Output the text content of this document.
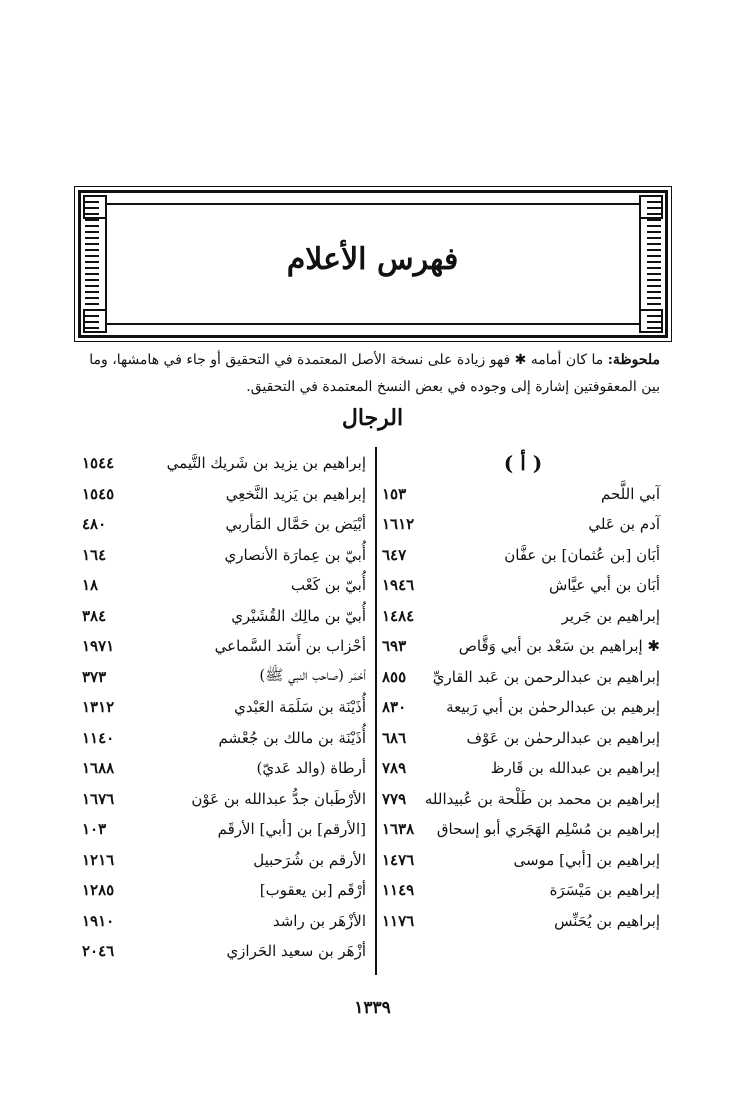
فهرس الأعلام
ملحوظة: ما كان أمامه ✱ فهو زيادة على نسخة الأصل المعتمدة في التحقيق أو جاء في هامشها، وما بين المعقوفتين إشارة إلى وجوده في بعض النسخ المعتمدة في التحقيق.
الرجال
( أ )
آبي اللَّحم
١٥٣
آدم بن عَلي
١٦١٢
أبَان [بن عُثمان] بن عفَّان
٦٤٧
أبَان بن أبي عيَّاش
١٩٤٦
إبراهيم بن جَرير
١٤٨٤
✱ إبراهيم بن سَعْد بن أبي وَقَّاص
٦٩٣
إبراهيم بن عبدالرحمن بن عَبد القاريِّ
٨٥٥
إبرهيم بن عبدالرحمٰن بن أبي رَبيعة
٨٣٠
إبراهيم بن عبدالرحمٰن بن عَوْف
٦٨٦
إبراهيم بن عبدالله بن قَارظ
٧٨٩
إبراهيم بن محمد بن طَلْحة بن عُبيدالله
٧٧٩
إبراهيم بن مُسْلِم الهَجَري أبو إسحاق
١٦٣٨
إبراهيم بن [أبي] موسى
١٤٧٦
إبراهيم بن مَيْسَرَة
١١٤٩
إبراهيم بن يُحَنِّس
١١٧٦
إبراهيم بن يزيد بن شَريك التَّيمي
١٥٤٤
إبراهيم بن يَزيد النَّخعِي
١٥٤٥
أبْيَض بن حَمَّال المَأربي
٤٨٠
أُبيّ بن عِمارَة الأنصاري
١٦٤
أُبيّ بن كَعْب
١٨
أُبيّ بن مالِك القُشَيْري
٣٨٤
أحْزاب بن أَسَد السَّماعي
١٩٧١
أحْمَر (صاحب النبي ﷺ)
٣٧٣
أُذَيْنَة بن سَلَمَة العَبْدي
١٣١٢
أُذَيْنَة بن مالك بن جُعْشم
١١٤٠
أرطاة (والد عَديّ)
١٦٨٨
الأرْطَبان جدُّ عبدالله بن عَوْن
١٦٧٦
[الأرقم] بن [أبي] الأرقَم
١٠٣
الأرقم بن شُرَحبيل
١٢١٦
أرْقَم [بن يعقوب]
١٢٨٥
الأزْهَر بن راشد
١٩١٠
أزْهَر بن سعيد الحَرازي
٢٠٤٦
١٣٣٩
